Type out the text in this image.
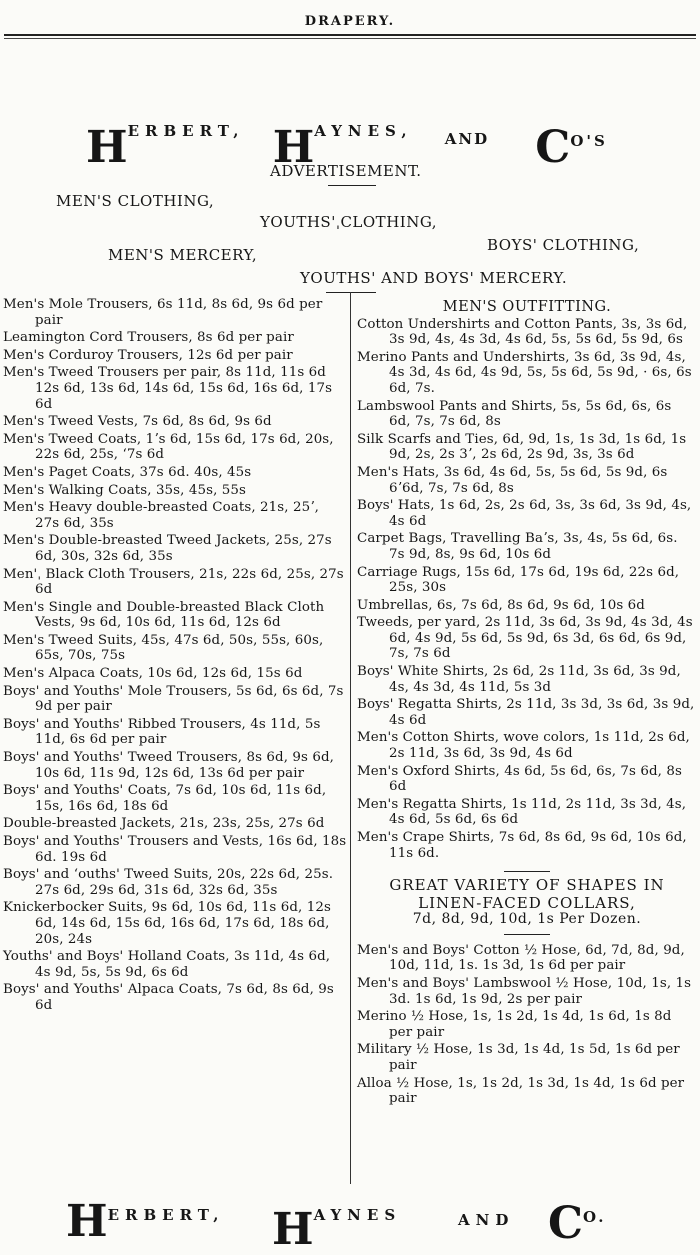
DRAPERY.
HERBERT, HAYNES, AND CO'S
ADVERTISEMENT.
MEN'S CLOTHING,
YOUTHS'ˌCLOTHING,
BOYS' CLOTHING,
MEN'S MERCERY,
YOUTHS' AND BOYS' MERCERY.
Men's Mole Trousers, 6s 11d, 8s 6d, 9s 6d per pair
Leamington Cord Trousers, 8s 6d per pair
Men's Corduroy Trousers, 12s 6d per pair
Men's Tweed Trousers per pair, 8s 11d, 11s 6d 12s 6d, 13s 6d, 14s 6d, 15s 6d, 16s 6d, 17s 6d
Men's Tweed Vests, 7s 6d, 8s 6d, 9s 6d
Men's Tweed Coats, 1ʼs 6d, 15s 6d, 17s 6d, 20s, 22s 6d, 25s, ʻ7s 6d
Men's Paget Coats, 37s 6d. 40s, 45s
Men's Walking Coats, 35s, 45s, 55s
Men's Heavy double-breasted Coats, 21s, 25ʼ, 27s 6d, 35s
Men's Double-breasted Tweed Jackets, 25s, 27s 6d, 30s, 32s 6d, 35s
Men'ˌ Black Cloth Trousers, 21s, 22s 6d, 25s, 27s 6d
Men's Single and Double-breasted Black Cloth Vests, 9s 6d, 10s 6d, 11s 6d, 12s 6d
Men's Tweed Suits, 45s, 47s 6d, 50s, 55s, 60s, 65s, 70s, 75s
Men's Alpaca Coats, 10s 6d, 12s 6d, 15s 6d
Boys' and Youths' Mole Trousers, 5s 6d, 6s 6d, 7s 9d per pair
Boys' and Youths' Ribbed Trousers, 4s 11d, 5s 11d, 6s 6d per pair
Boys' and Youths' Tweed Trousers, 8s 6d, 9s 6d, 10s 6d, 11s 9d, 12s 6d, 13s 6d per pair
Boys' and Youths' Coats, 7s 6d, 10s 6d, 11s 6d, 15s, 16s 6d, 18s 6d
Double-breasted Jackets, 21s, 23s, 25s, 27s 6d
Boys' and Youths' Trousers and Vests, 16s 6d, 18s 6d. 19s 6d
Boys' and ʻouths' Tweed Suits, 20s, 22s 6d, 25s. 27s 6d, 29s 6d, 31s 6d, 32s 6d, 35s
Knickerbocker Suits, 9s 6d, 10s 6d, 11s 6d, 12s 6d, 14s 6d, 15s 6d, 16s 6d, 17s 6d, 18s 6d, 20s, 24s
Youths' and Boys' Holland Coats, 3s 11d, 4s 6d, 4s 9d, 5s, 5s 9d, 6s 6d
Boys' and Youths' Alpaca Coats, 7s 6d, 8s 6d, 9s 6d
MEN'S OUTFITTING.
Cotton Undershirts and Cotton Pants, 3s, 3s 6d, 3s 9d, 4s, 4s 3d, 4s 6d, 5s, 5s 6d, 5s 9d, 6s
Merino Pants and Undershirts, 3s 6d, 3s 9d, 4s, 4s 3d, 4s 6d, 4s 9d, 5s, 5s 6d, 5s 9d, · 6s, 6s 6d, 7s.
Lambswool Pants and Shirts, 5s, 5s 6d, 6s, 6s 6d, 7s, 7s 6d, 8s
Silk Scarfs and Ties, 6d, 9d, 1s, 1s 3d, 1s 6d, 1s 9d, 2s, 2s 3ʼ, 2s 6d, 2s 9d, 3s, 3s 6d
Men's Hats, 3s 6d, 4s 6d, 5s, 5s 6d, 5s 9d, 6s 6ʼ6d, 7s, 7s 6d, 8s
Boys' Hats, 1s 6d, 2s, 2s 6d, 3s, 3s 6d, 3s 9d, 4s, 4s 6d
Carpet Bags, Travelling Baʼs, 3s, 4s, 5s 6d, 6s. 7s 9d, 8s, 9s 6d, 10s 6d
Carriage Rugs, 15s 6d, 17s 6d, 19s 6d, 22s 6d, 25s, 30s
Umbrellas, 6s, 7s 6d, 8s 6d, 9s 6d, 10s 6d
Tweeds, per yard, 2s 11d, 3s 6d, 3s 9d, 4s 3d, 4s 6d, 4s 9d, 5s 6d, 5s 9d, 6s 3d, 6s 6d, 6s 9d, 7s, 7s 6d
Boys' White Shirts, 2s 6d, 2s 11d, 3s 6d, 3s 9d, 4s, 4s 3d, 4s 11d, 5s 3d
Boys' Regatta Shirts, 2s 11d, 3s 3d, 3s 6d, 3s 9d, 4s 6d
Men's Cotton Shirts, wove colors, 1s 11d, 2s 6d, 2s 11d, 3s 6d, 3s 9d, 4s 6d
Men's Oxford Shirts, 4s 6d, 5s 6d, 6s, 7s 6d, 8s 6d
Men's Regatta Shirts, 1s 11d, 2s 11d, 3s 3d, 4s, 4s 6d, 5s 6d, 6s 6d
Men's Crape Shirts, 7s 6d, 8s 6d, 9s 6d, 10s 6d, 11s 6d.
GREAT VARIETY OF SHAPES IN LINEN-FACED COLLARS,
7d, 8d, 9d, 10d, 1s Per Dozen.
Men's and Boys' Cotton ½ Hose, 6d, 7d, 8d, 9d, 10d, 11d, 1s. 1s 3d, 1s 6d per pair
Men's and Boys' Lambswool ½ Hose, 10d, 1s, 1s 3d. 1s 6d, 1s 9d, 2s per pair
Merino ½ Hose, 1s, 1s 2d, 1s 4d, 1s 6d, 1s 8d per pair
Military ½ Hose, 1s 3d, 1s 4d, 1s 5d, 1s 6d per pair
Alloa ½ Hose, 1s, 1s 2d, 1s 3d, 1s 4d, 1s 6d per pair
HERBERT, HAYNES	AND CO.
